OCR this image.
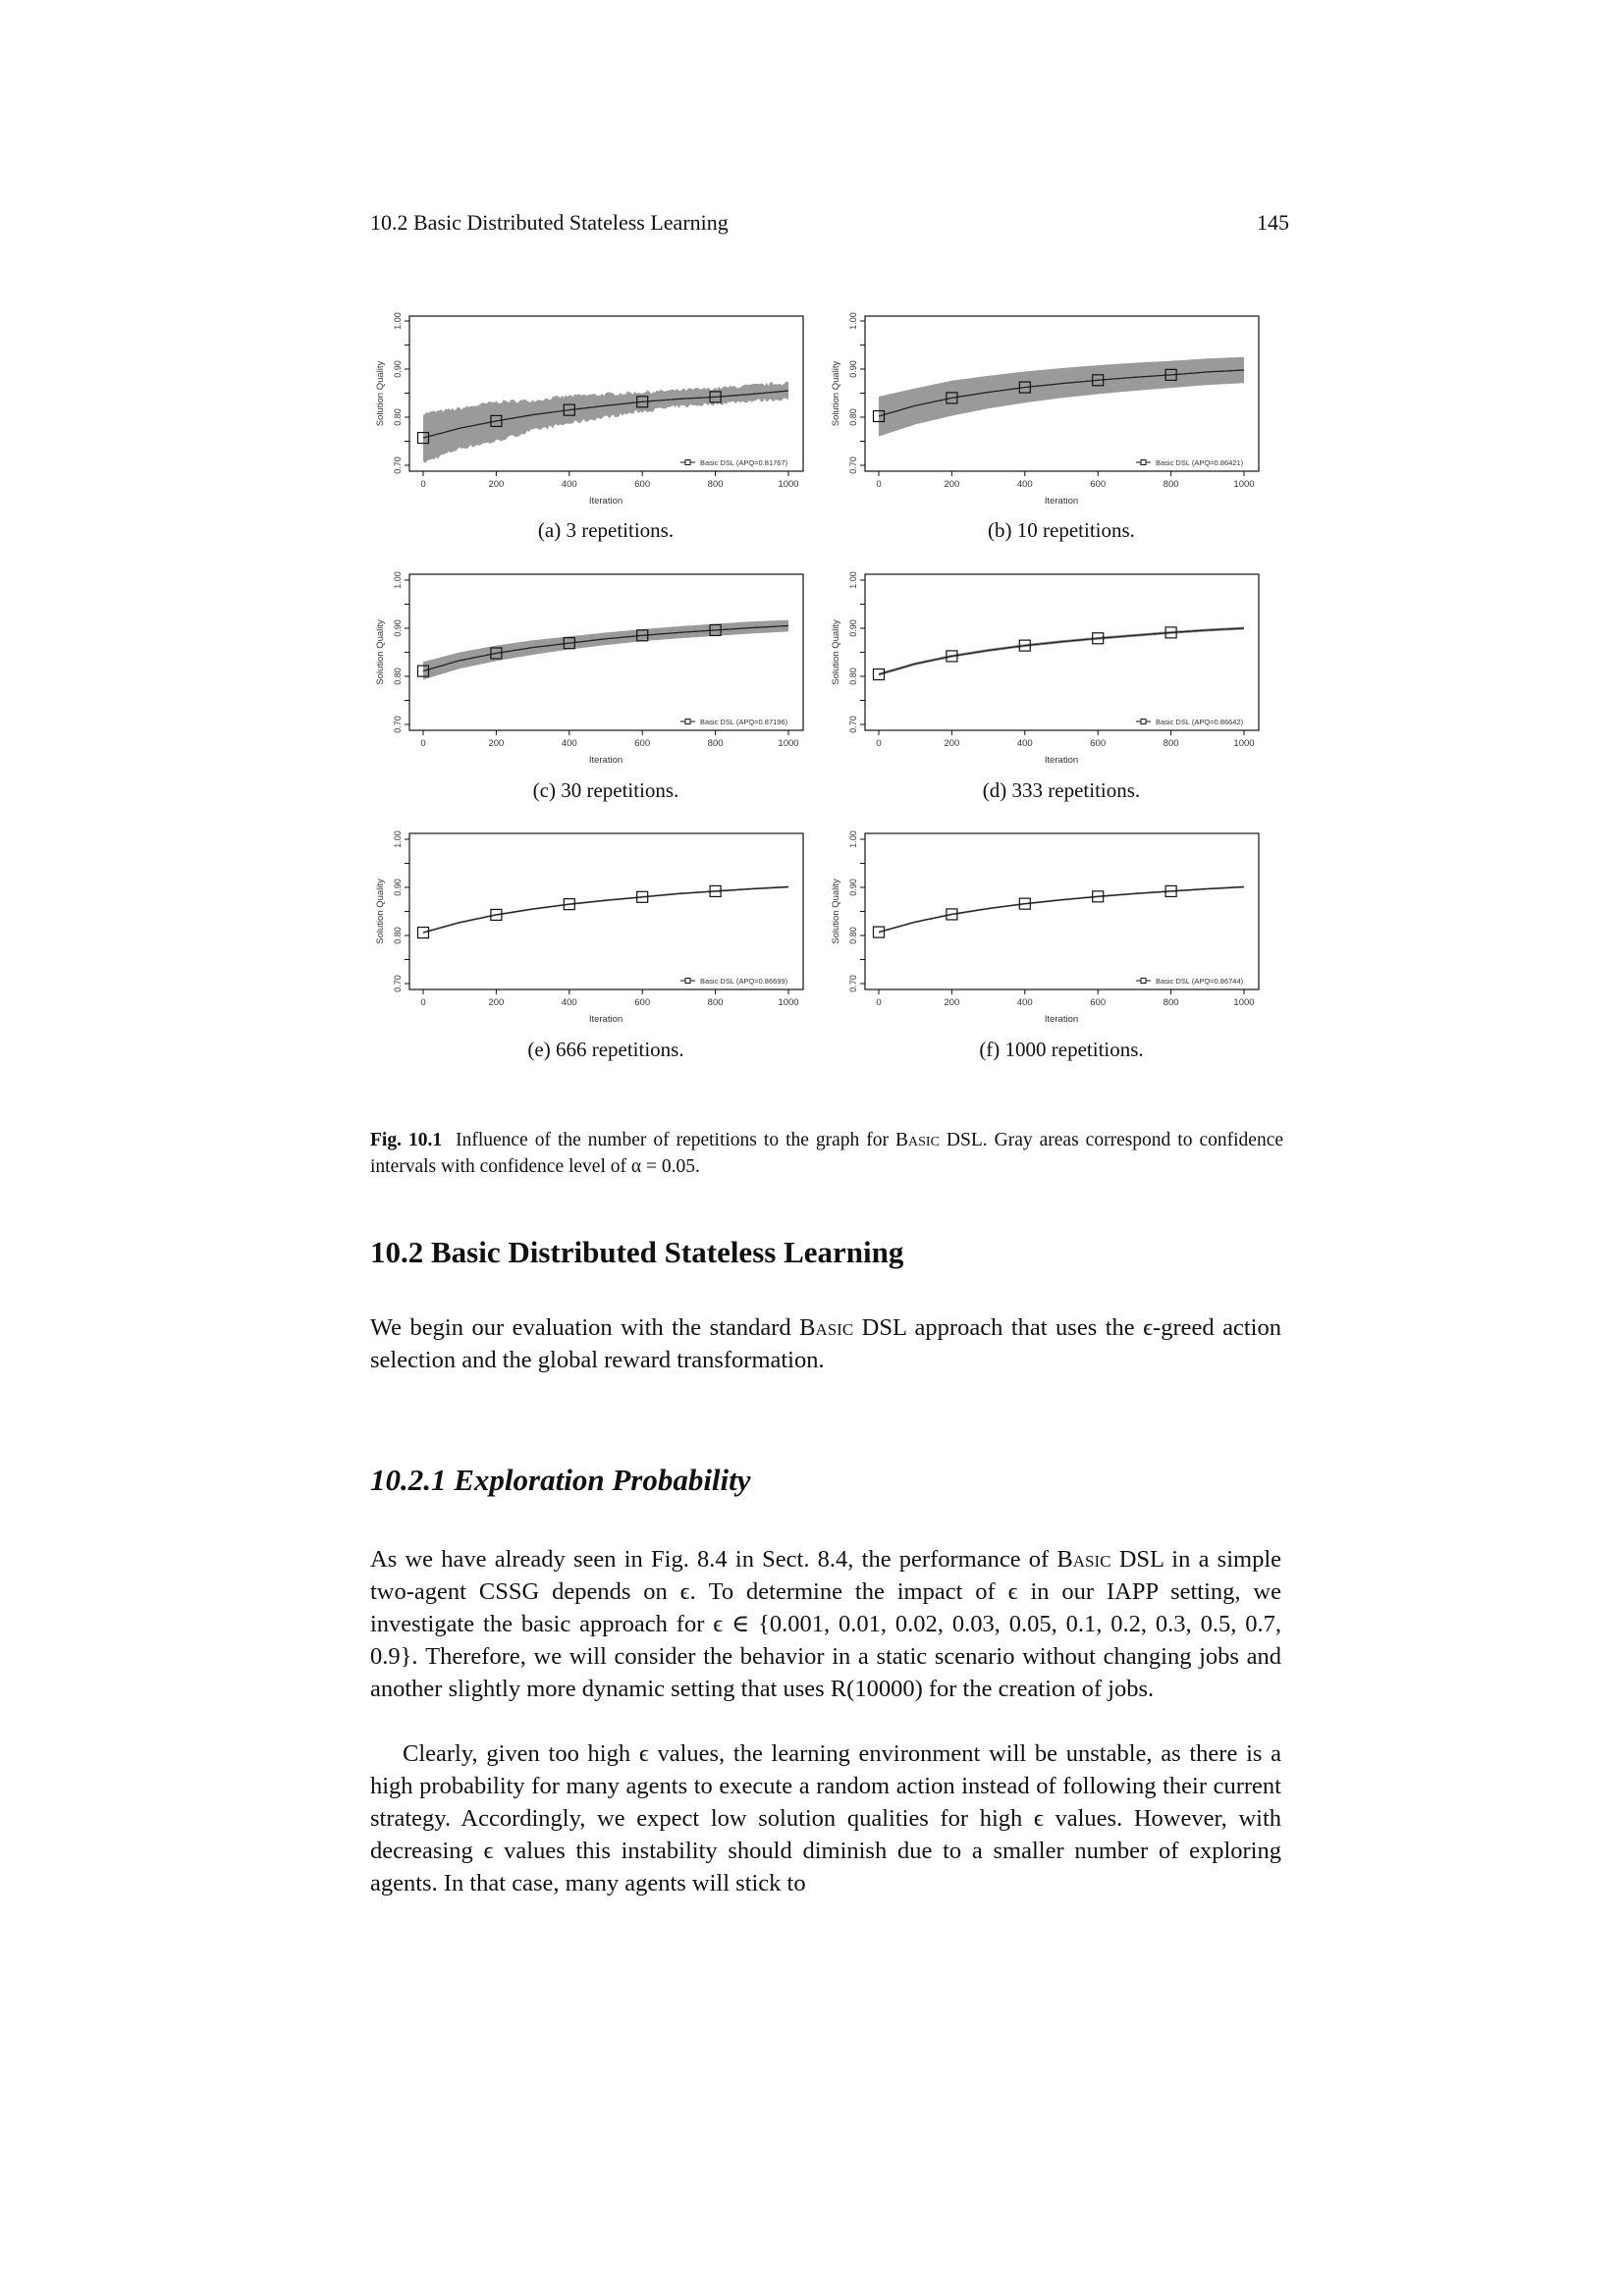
10.2 Basic Distributed Stateless Learning	145
0.70
0.80
0.90
1.00
0	200	400	600	800	1000
Iteration
Solution Quality
Basic DSL (APQ=0.81767)	0.70
0.80
0.90
1.00
0	200	400	600	800	1000
Iteration
Solution Quality
Basic DSL (APQ=0.86421)
0.70
0.80
0.90
1.00
0	200	400	600	800	1000
Iteration
Solution Quality
Basic DSL (APQ=0.87196)	0.70
0.80
0.90
1.00
0	200	400	600	800	1000
Iteration
Solution Quality
Basic DSL (APQ=0.86642)
0.70
0.80
0.90
1.00
0	200	400	600	800	1000
Iteration
Solution Quality
Basic DSL (APQ=0.86699)	0.70
0.80
0.90
1.00
0	200	400	600	800	1000
Iteration
Solution Quality
Basic DSL (APQ=0.86744)
(a) 3 repetitions.	(b) 10 repetitions.
(c) 30 repetitions.	(d) 333 repetitions.
(e) 666 repetitions.	(f) 1000 repetitions.
Fig. 10.1 Influence of the number of repetitions to the graph for Basic DSL. Gray areas correspond to confidence intervals with confidence level of α = 0.05.
10.2 Basic Distributed Stateless Learning
We begin our evaluation with the standard Basic DSL approach that uses the ϵ-greed action selection and the global reward transformation.
10.2.1 Exploration Probability
As we have already seen in Fig. 8.4 in Sect. 8.4, the performance of Basic DSL in a simple two-agent CSSG depends on ϵ. To determine the impact of ϵ in our IAPP setting, we investigate the basic approach for ϵ ∈ {0.001, 0.01, 0.02, 0.03, 0.05, 0.1, 0.2, 0.3, 0.5, 0.7, 0.9}. Therefore, we will consider the behavior in a static scenario without changing jobs and another slightly more dynamic setting that uses R(10000) for the creation of jobs.
Clearly, given too high ϵ values, the learning environment will be unstable, as there is a high probability for many agents to execute a random action instead of following their current strategy. Accordingly, we expect low solution qualities for high ϵ values. However, with decreasing ϵ values this instability should diminish due to a smaller number of exploring agents. In that case, many agents will stick to
